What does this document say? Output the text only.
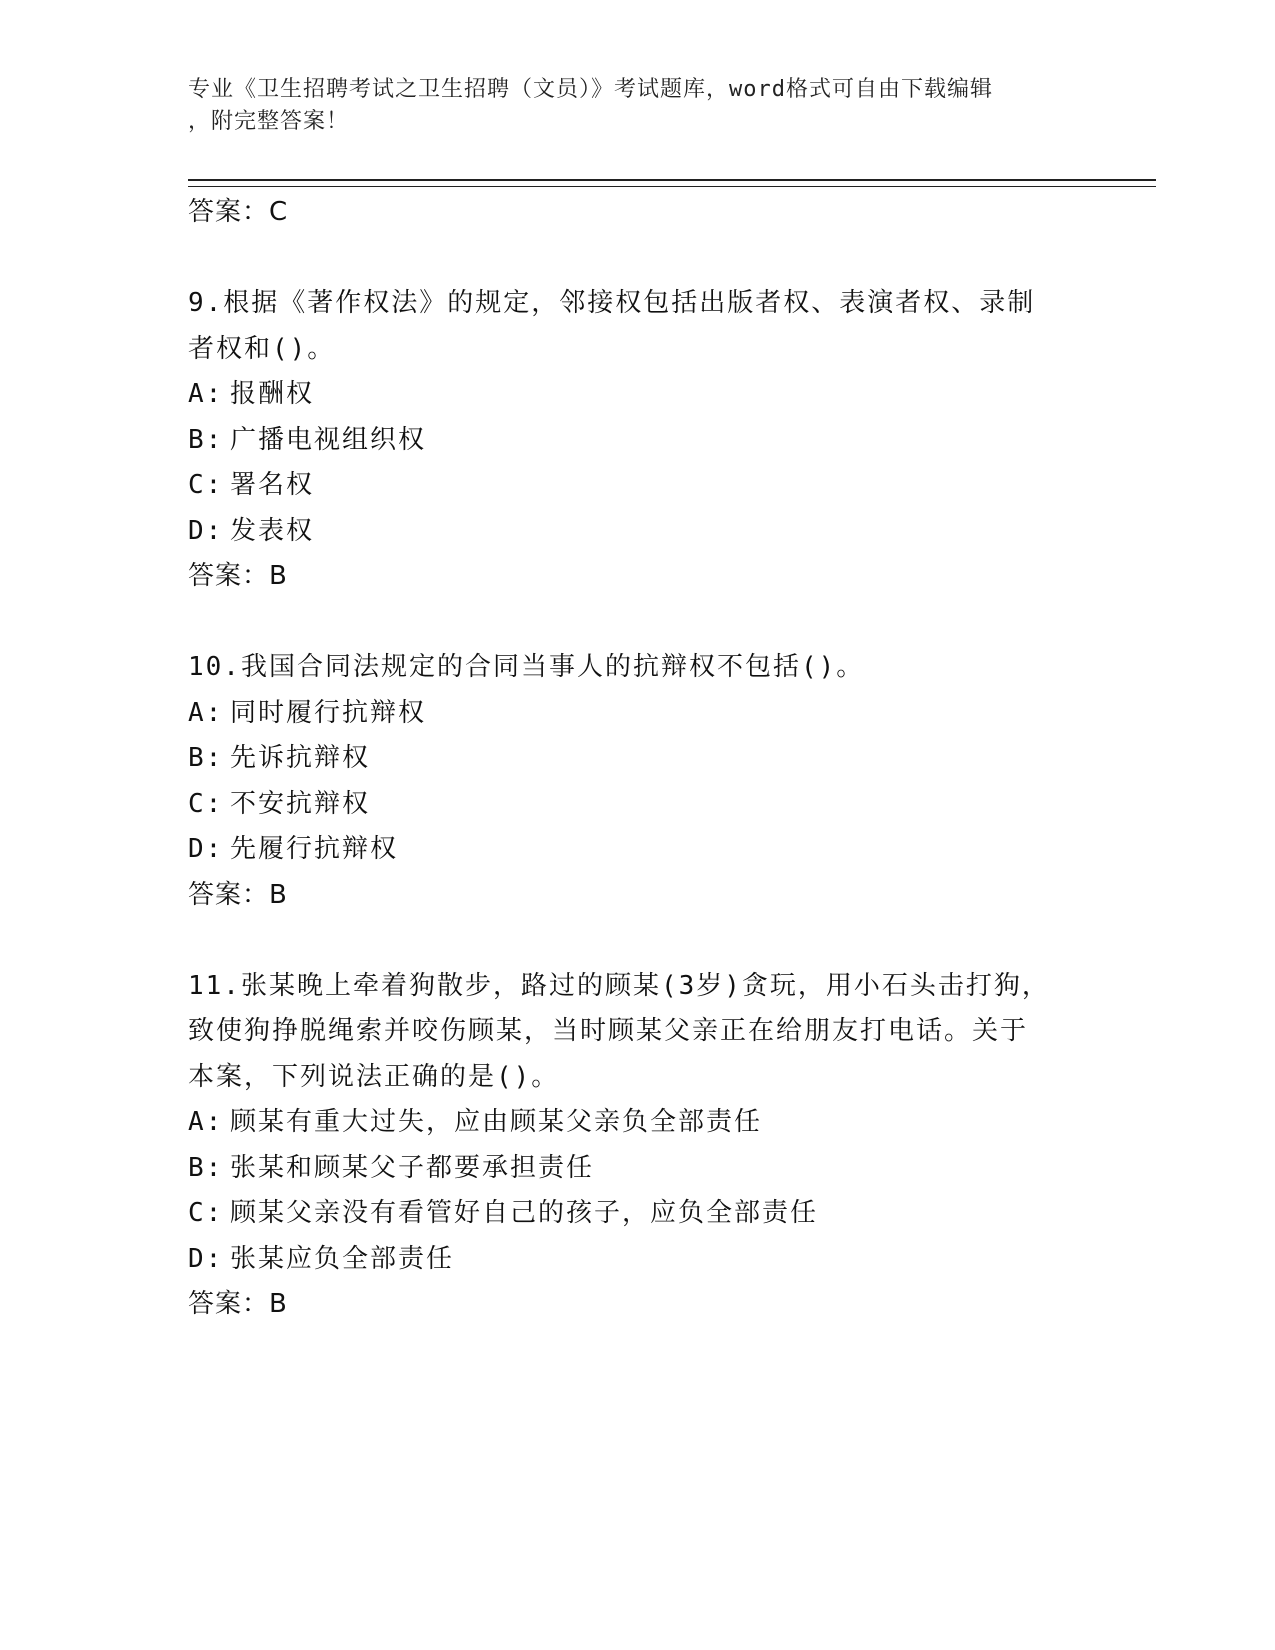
专业《卫生招聘考试之卫生招聘（文员）》考试题库，word格式可自由下载编辑
，附完整答案！
答案：C
9.根据《著作权法》的规定，邻接权包括出版者权、表演者权、录制
者权和()。
A: 报酬权
B: 广播电视组织权
C: 署名权
D: 发表权
答案：B
10.我国合同法规定的合同当事人的抗辩权不包括()。
A: 同时履行抗辩权
B: 先诉抗辩权
C: 不安抗辩权
D: 先履行抗辩权
答案：B
11.张某晚上牵着狗散步，路过的顾某(3岁)贪玩，用小石头击打狗，
致使狗挣脱绳索并咬伤顾某，当时顾某父亲正在给朋友打电话。关于
本案，下列说法正确的是()。
A: 顾某有重大过失，应由顾某父亲负全部责任
B: 张某和顾某父子都要承担责任
C: 顾某父亲没有看管好自己的孩子，应负全部责任
D: 张某应负全部责任
答案：B
